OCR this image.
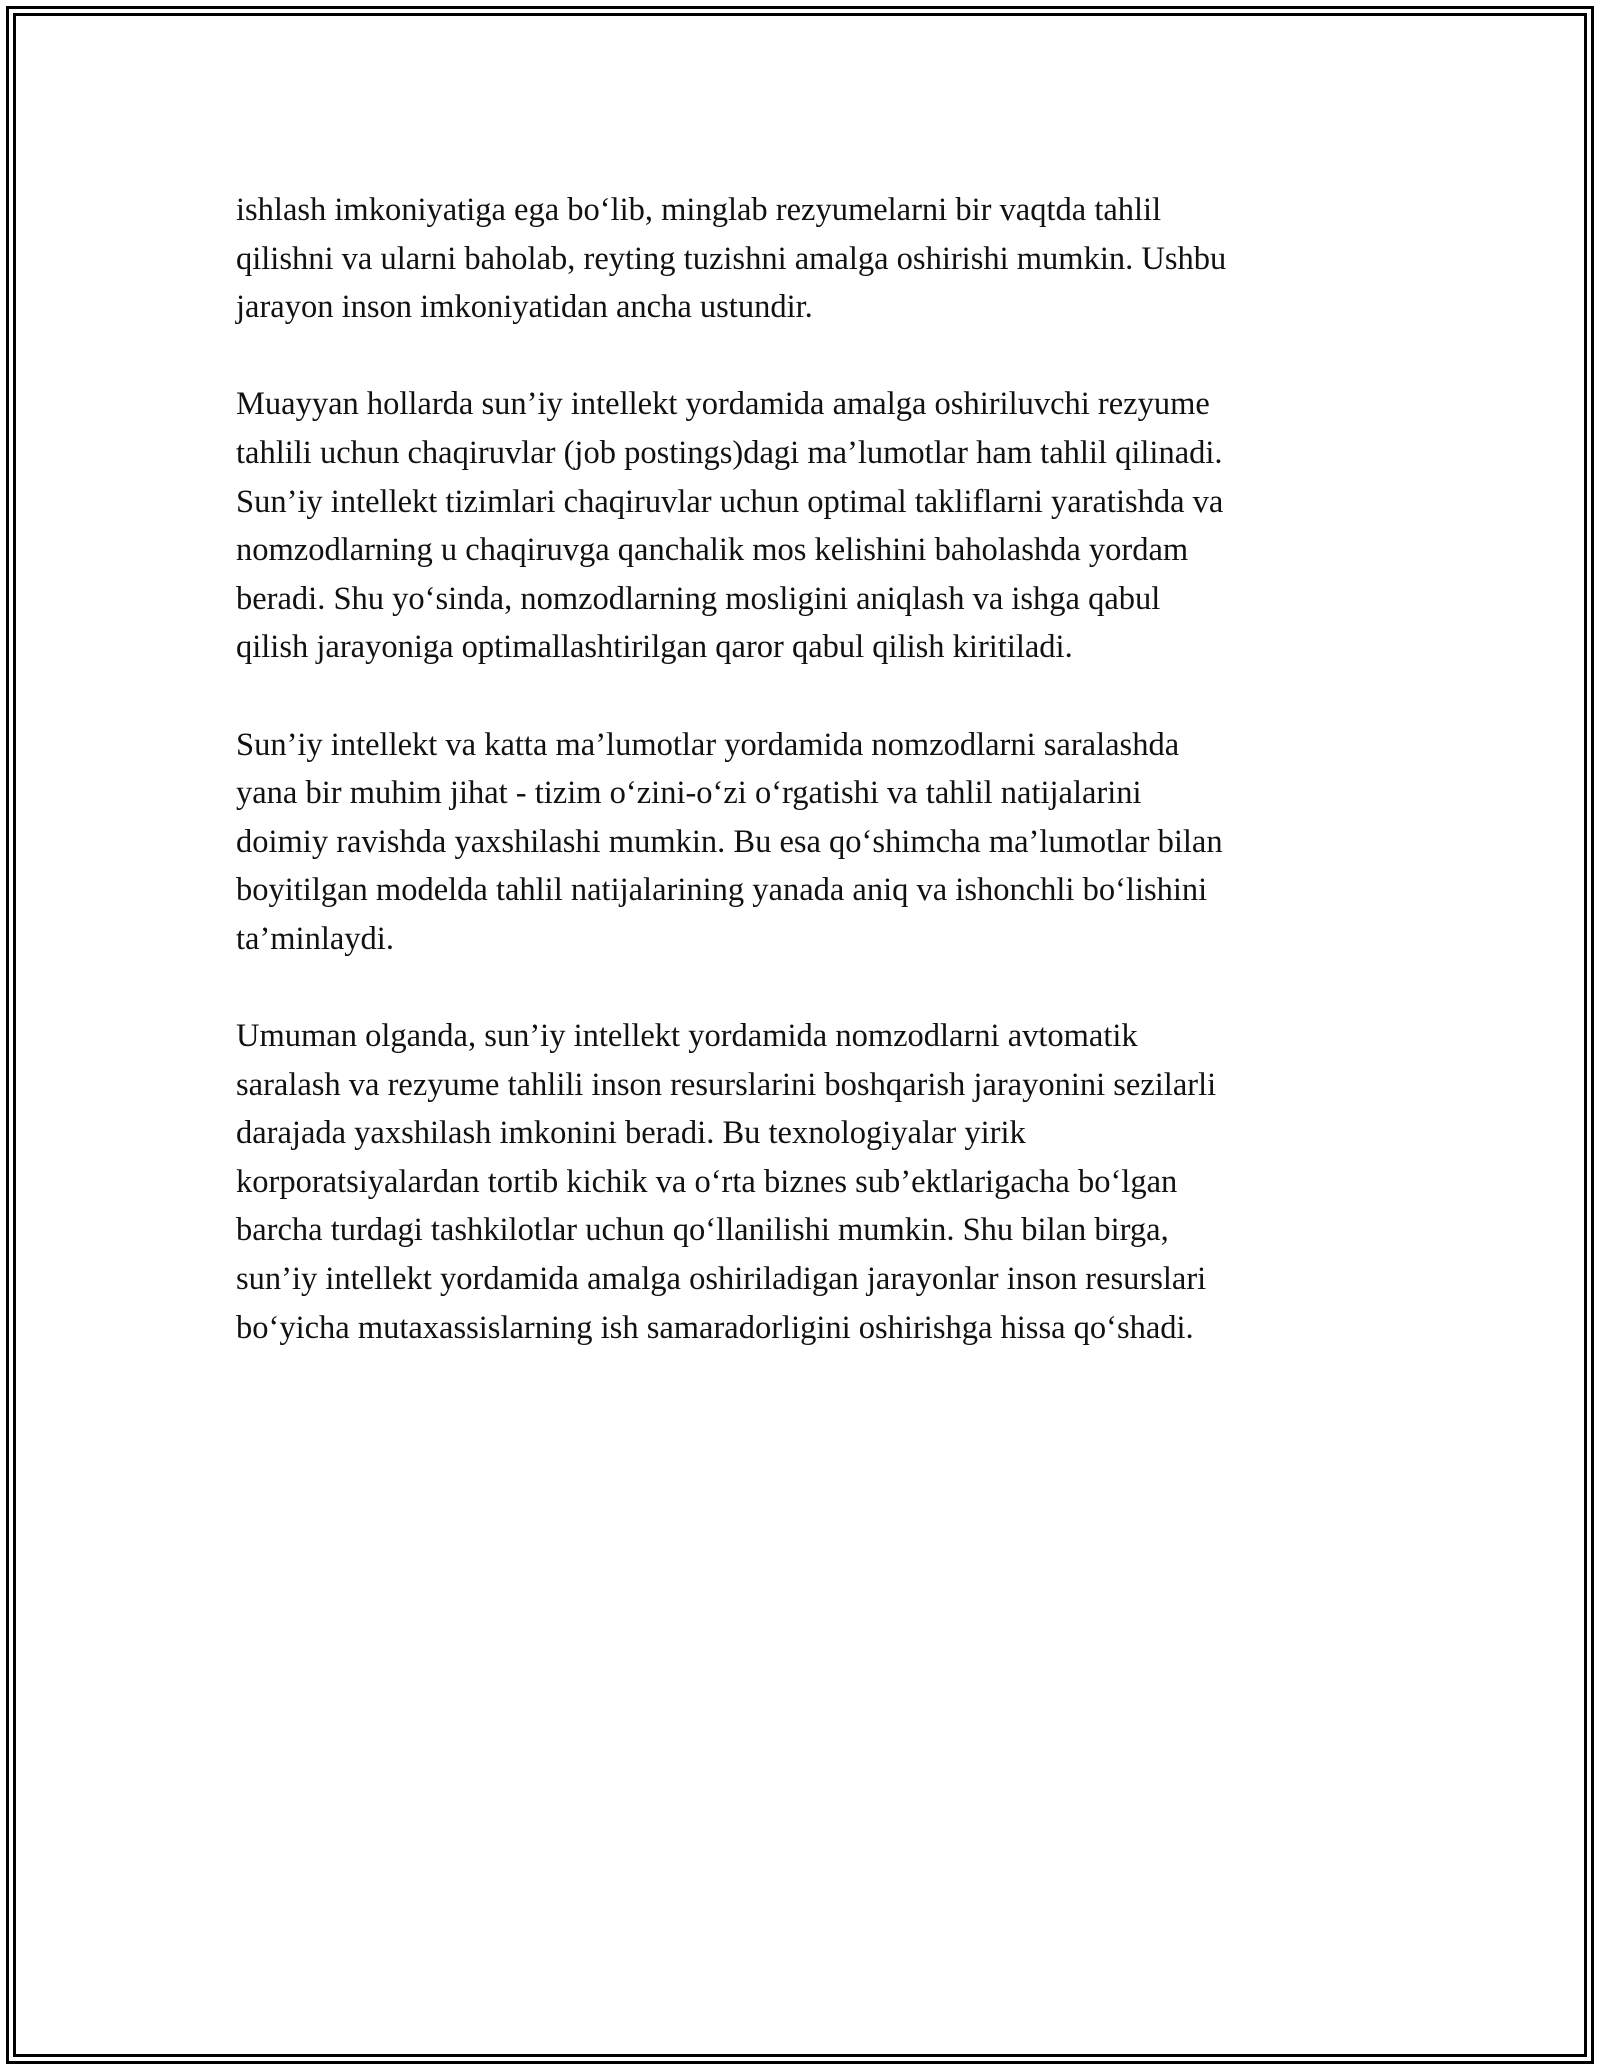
ishlash imkoniyatiga ega bo‘lib, minglab rezyumelarni bir vaqtda tahlil
qilishni va ularni baholab, reyting tuzishni amalga oshirishi mumkin. Ushbu
jarayon inson imkoniyatidan ancha ustundir.

Muayyan hollarda sun’iy intellekt yordamida amalga oshiriluvchi rezyume
tahlili uchun chaqiruvlar (job postings)dagi ma’lumotlar ham tahlil qilinadi.
Sun’iy intellekt tizimlari chaqiruvlar uchun optimal takliflarni yaratishda va
nomzodlarning u chaqiruvga qanchalik mos kelishini baholashda yordam
beradi. Shu yo‘sinda, nomzodlarning mosligini aniqlash va ishga qabul
qilish jarayoniga optimallashtirilgan qaror qabul qilish kiritiladi.

Sun’iy intellekt va katta ma’lumotlar yordamida nomzodlarni saralashda
yana bir muhim jihat - tizim o‘zini-o‘zi o‘rgatishi va tahlil natijalarini
doimiy ravishda yaxshilashi mumkin. Bu esa qo‘shimcha ma’lumotlar bilan
boyitilgan modelda tahlil natijalarining yanada aniq va ishonchli bo‘lishini
ta’minlaydi.

Umuman olganda, sun’iy intellekt yordamida nomzodlarni avtomatik
saralash va rezyume tahlili inson resurslarini boshqarish jarayonini sezilarli
darajada yaxshilash imkonini beradi. Bu texnologiyalar yirik
korporatsiyalardan tortib kichik va o‘rta biznes sub’ektlarigacha bo‘lgan
barcha turdagi tashkilotlar uchun qo‘llanilishi mumkin. Shu bilan birga,
sun’iy intellekt yordamida amalga oshiriladigan jarayonlar inson resurslari
bo‘yicha mutaxassislarning ish samaradorligini oshirishga hissa qo‘shadi.
